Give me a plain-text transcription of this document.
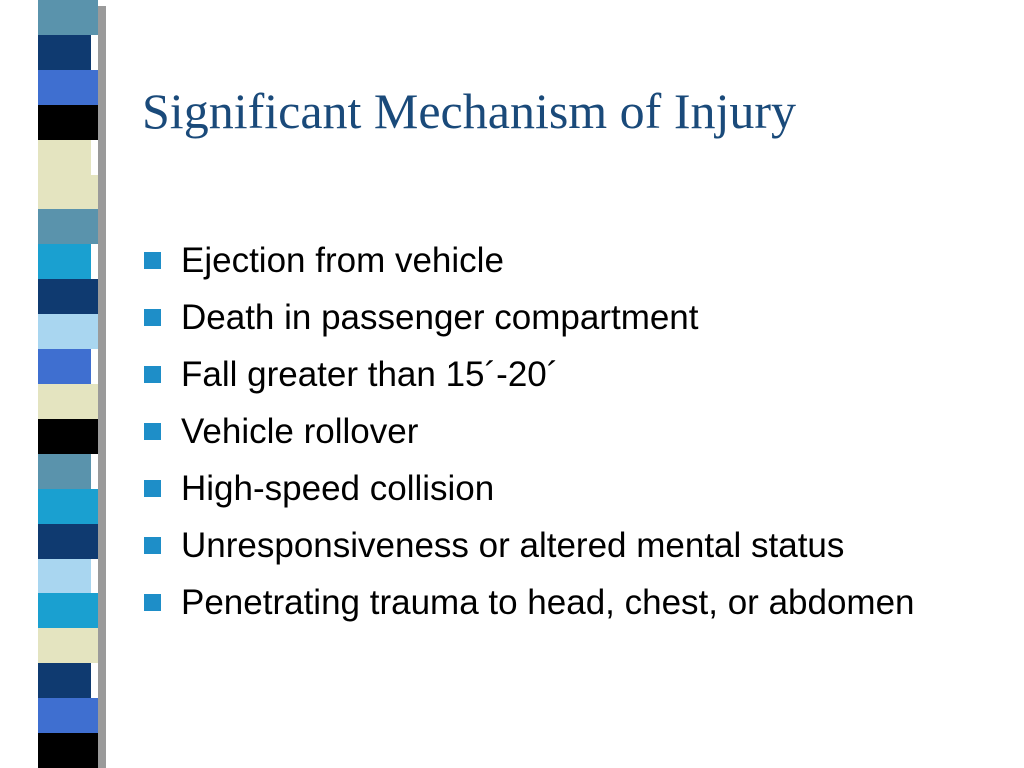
Significant Mechanism of Injury
Ejection from vehicle
Death in passenger compartment
Fall greater than 15´-20´
Vehicle rollover
High-speed collision
Unresponsiveness or altered mental status
Penetrating trauma to head, chest, or abdomen
